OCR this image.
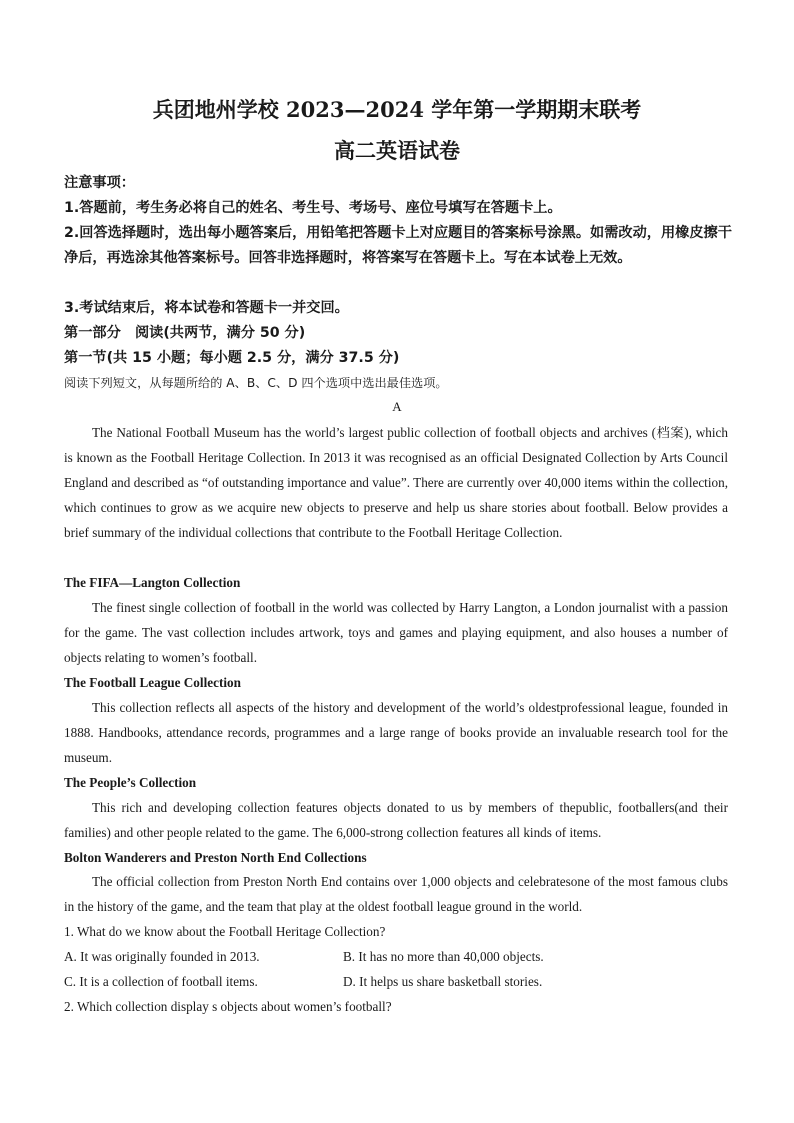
兵团地州学校 2023—2024 学年第一学期期末联考
高二英语试卷
注意事项：
1.答题前，考生务必将自己的姓名、考生号、考场号、座位号填写在答题卡上。
2.回答选择题时，选出每小题答案后，用铅笔把答题卡上对应题目的答案标号涂黑。如需改动，用橡皮擦干净后，再选涂其他答案标号。回答非选择题时，将答案写在答题卡上。写在本试卷上无效。
3.考试结束后，将本试卷和答题卡一并交回。
第一部分　阅读(共两节，满分 50 分)
第一节(共 15 小题；每小题 2.5 分，满分 37.5 分)
阅读下列短文，从每题所给的 A、B、C、D 四个选项中选出最佳选项。
A

The National Football Museum has the world’s largest public collection of football objects and archives (档案), which is known as the Football Heritage Collection. In 2013 it was recognised as an official Designated Collection by Arts Council England and described as “of outstanding importance and value”. There are currently over 40,000 items within the collection, which continues to grow as we acquire new objects to preserve and help us share stories about football. Below provides a brief summary of the individual collections that contribute to the Football Heritage Collection.

The FIFA—Langton Collection

The finest single collection of football in the world was collected by Harry Langton, a London journalist with a passion for the game. The vast collection includes artwork, toys and games and playing equipment, and also houses a number of objects relating to women’s football.

The Football League Collection

This collection reflects all aspects of the history and development of the world’s oldestprofessional league, founded in 1888. Handbooks, attendance records, programmes and a large range of books provide an invaluable research tool for the museum.

The People’s Collection

This rich and developing collection features objects donated to us by members of thepublic, footballers(and their families) and other people related to the game. The 6,000-strong collection features all kinds of items.

Bolton Wanderers and Preston North End Collections

The official collection from Preston North End contains over 1,000 objects and celebratesone of the most famous clubs in the history of the game, and the team that play at the oldest football league ground in the world.

1. What do we know about the Football Heritage Collection?
A. It was originally founded in 2013.	B. It has no more than 40,000 objects.
C. It is a collection of football items.	D. It helps us share basketball stories.
2. Which collection display s objects about women’s football?
